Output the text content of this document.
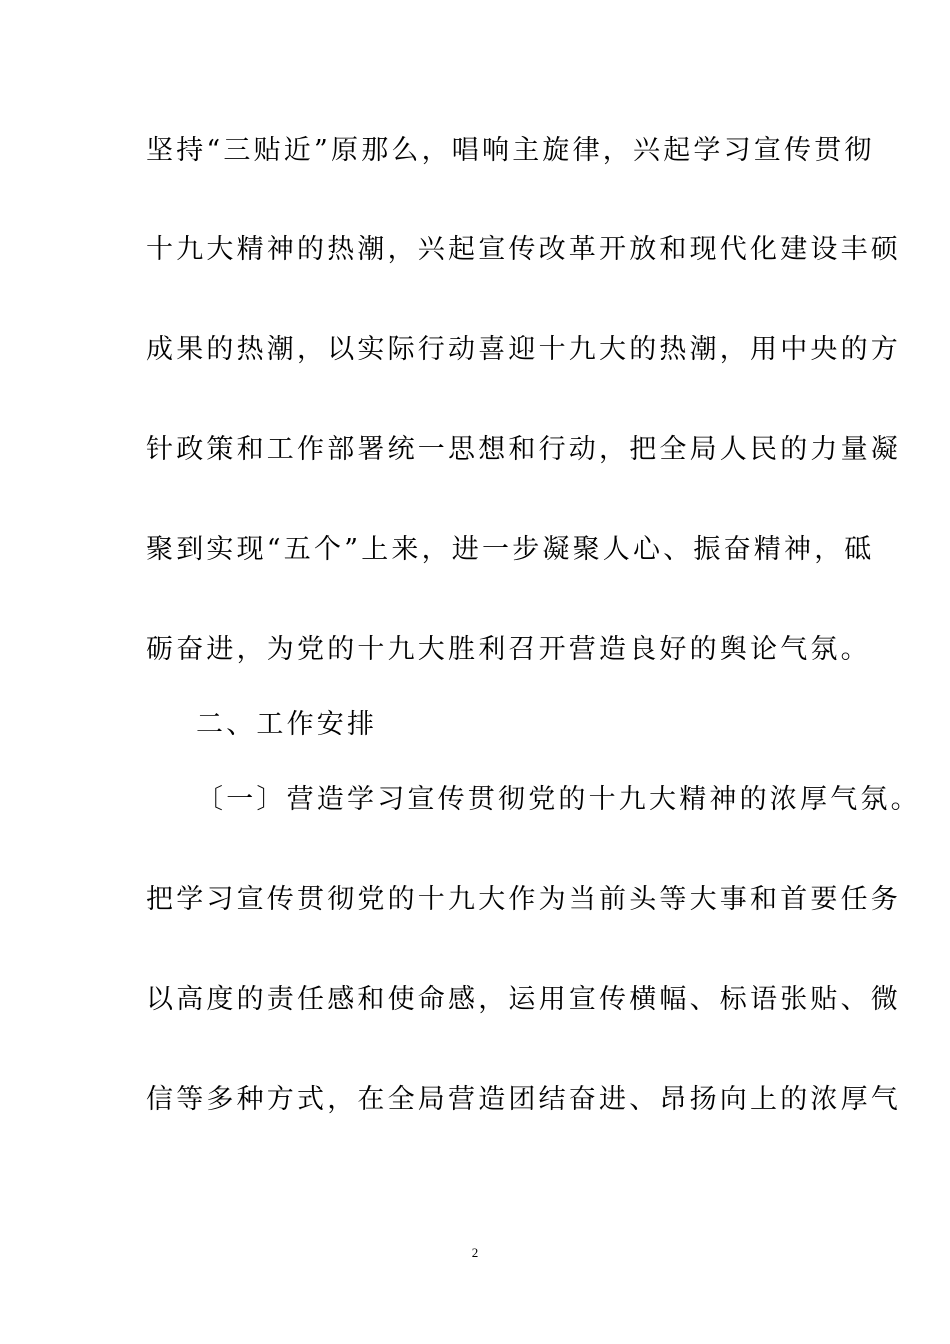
坚持“三贴近”原那么，唱响主旋律，兴起学习宣传贯彻
十九大精神的热潮，兴起宣传改革开放和现代化建设丰硕
成果的热潮，以实际行动喜迎十九大的热潮，用中央的方
针政策和工作部署统一思想和行动，把全局人民的力量凝
聚到实现“五个”上来，进一步凝聚人心、振奋精神，砥
砺奋进，为党的十九大胜利召开营造良好的舆论气氛。
二、工作安排
〔一〕营造学习宣传贯彻党的十九大精神的浓厚气氛。
把学习宣传贯彻党的十九大作为当前头等大事和首要任务
以高度的责任感和使命感，运用宣传横幅、标语张贴、微
信等多种方式，在全局营造团结奋进、昂扬向上的浓厚气
2
